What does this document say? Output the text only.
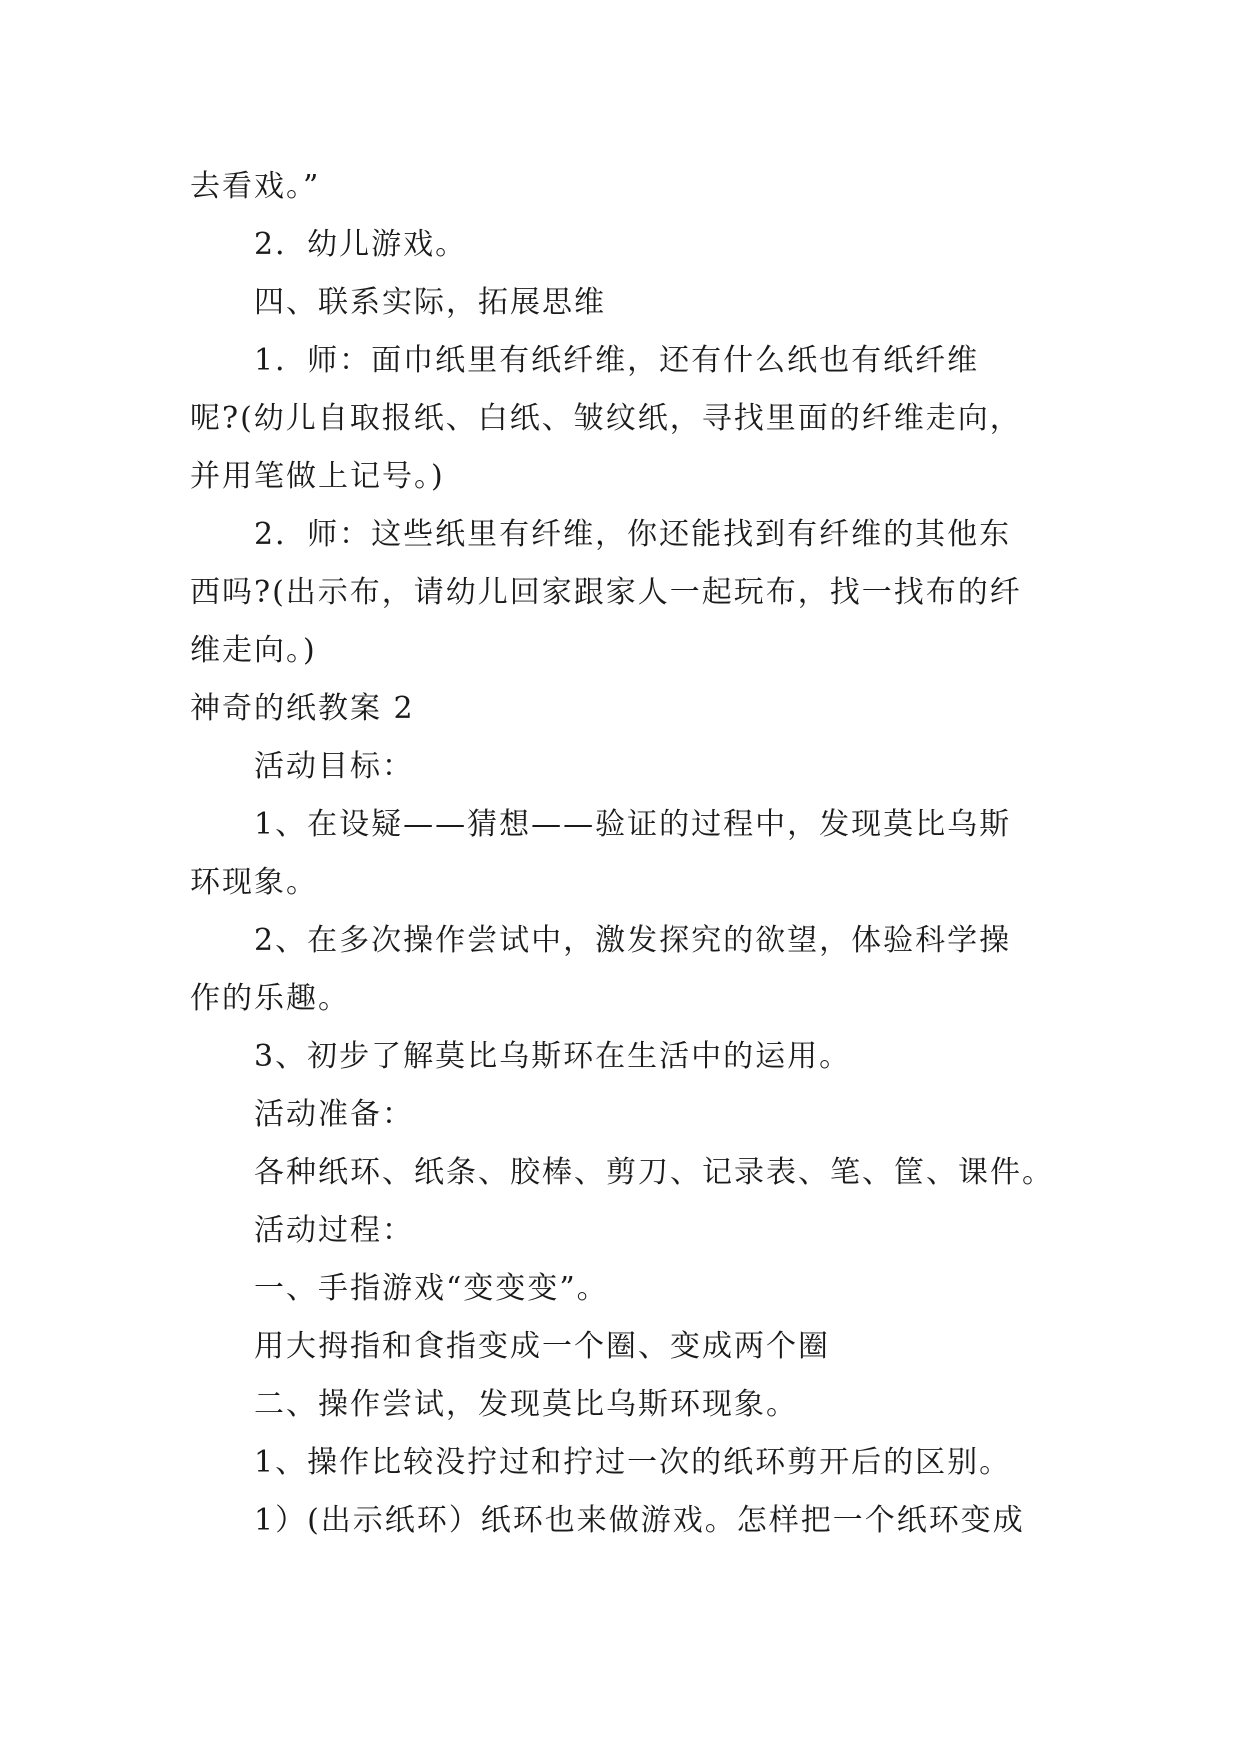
去看戏。”
2．幼儿游戏。
四、联系实际，拓展思维
1．师：面巾纸里有纸纤维，还有什么纸也有纸纤维
呢?(幼儿自取报纸、白纸、皱纹纸，寻找里面的纤维走向，
并用笔做上记号。)
2．师：这些纸里有纤维，你还能找到有纤维的其他东
西吗?(出示布，请幼儿回家跟家人一起玩布，找一找布的纤
维走向。)
神奇的纸教案 2
活动目标：
1、在设疑——猜想——验证的过程中，发现莫比乌斯
环现象。
2、在多次操作尝试中，激发探究的欲望，体验科学操
作的乐趣。
3、初步了解莫比乌斯环在生活中的运用。
活动准备：
各种纸环、纸条、胶棒、剪刀、记录表、笔、筐、课件。
活动过程：
一、手指游戏“变变变”。
用大拇指和食指变成一个圈、变成两个圈
二、操作尝试，发现莫比乌斯环现象。
1、操作比较没拧过和拧过一次的纸环剪开后的区别。
1）(出示纸环）纸环也来做游戏。怎样把一个纸环变成
